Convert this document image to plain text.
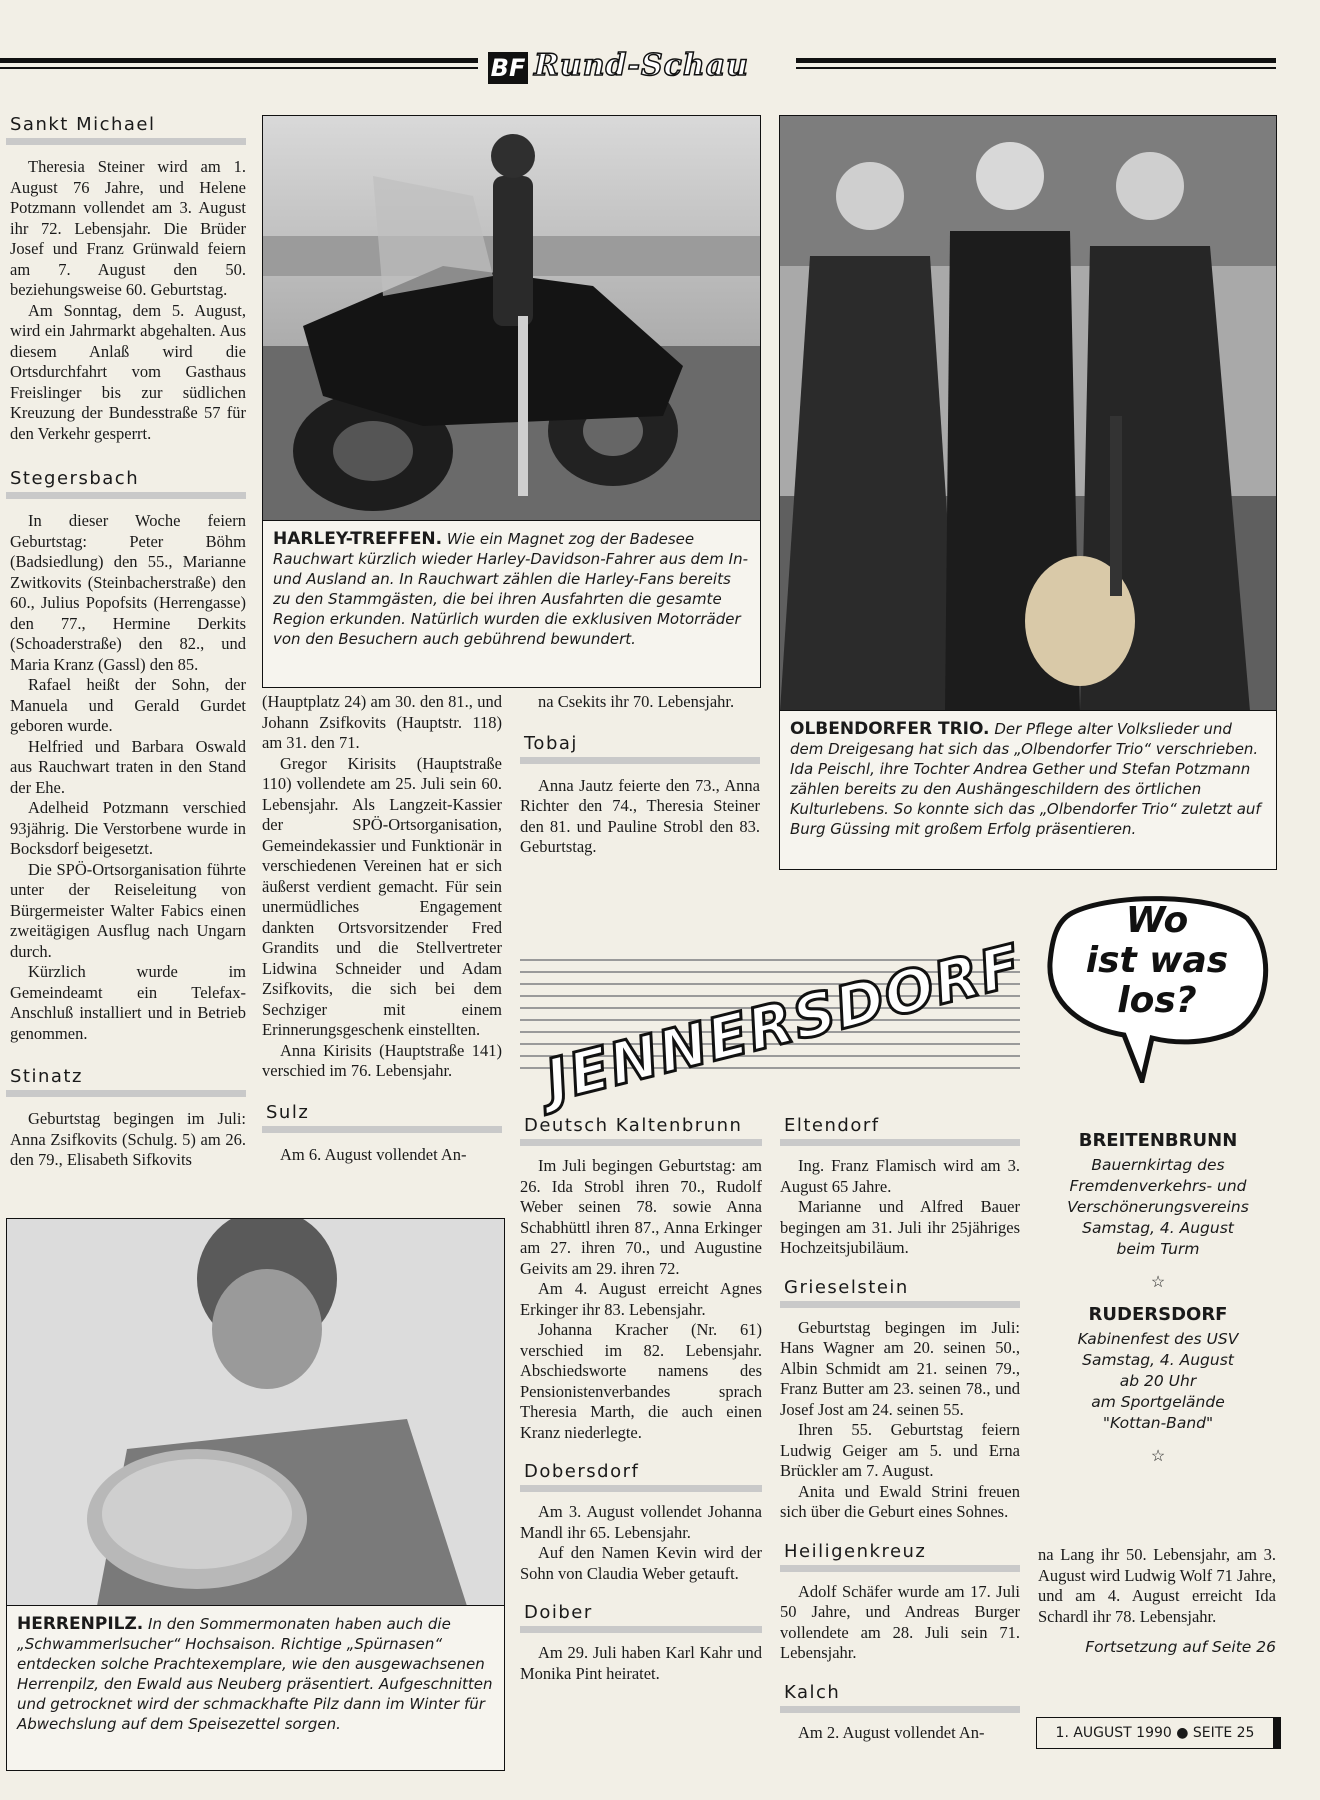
BF Rund-Schau
Sankt Michael

Theresia Steiner wird am 1. August 76 Jahre, und Helene Potzmann vollendet am 3. August ihr 72. Lebensjahr. Die Brüder Josef und Franz Grünwald feiern am 7. August den 50. beziehungsweise 60. Geburtstag.

Am Sonntag, dem 5. August, wird ein Jahrmarkt abgehalten. Aus diesem Anlaß wird die Ortsdurchfahrt vom Gasthaus Freislinger bis zur südlichen Kreuzung der Bundesstraße 57 für den Verkehr gesperrt.

Stegersbach

In dieser Woche feiern Geburtstag: Peter Böhm (Badsiedlung) den 55., Marianne Zwitkovits (Steinbacherstraße) den 60., Julius Popofsits (Herrengasse) den 77., Hermine Derkits (Schoaderstraße) den 82., und Maria Kranz (Gassl) den 85.

Rafael heißt der Sohn, der Manuela und Gerald Gurdet geboren wurde.

Helfried und Barbara Oswald aus Rauchwart traten in den Stand der Ehe.

Adelheid Potzmann verschied 93jährig. Die Verstorbene wurde in Bocksdorf beigesetzt.

Die SPÖ-Ortsorganisation führte unter der Reiseleitung von Bürgermeister Walter Fabics einen zweitägigen Ausflug nach Ungarn durch.

Kürzlich wurde im Gemeindeamt ein Telefax-Anschluß installiert und in Betrieb genommen.

Stinatz

Geburtstag begingen im Juli: Anna Zsifkovits (Schulg. 5) am 26. den 79., Elisabeth Sifkovits

HARLEY-TREFFEN. Wie ein Magnet zog der Badesee Rauchwart kürzlich wieder Harley-Davidson-Fahrer aus dem In- und Ausland an. In Rauchwart zählen die Harley-Fans bereits zu den Stammgästen, die bei ihren Ausfahrten die gesamte Region erkunden. Natürlich wurden die exklusiven Motorräder von den Besuchern auch gebührend bewundert.

(Hauptplatz 24) am 30. den 81., und Johann Zsifkovits (Hauptstr. 118) am 31. den 71.

Gregor Kirisits (Hauptstraße 110) vollendete am 25. Juli sein 60. Lebensjahr. Als Langzeit-Kassier der SPÖ-Ortsorganisation, Gemeindekassier und Funktionär in verschiedenen Vereinen hat er sich äußerst verdient gemacht. Für sein unermüdliches Engagement dankten Ortsvorsitzender Fred Grandits und die Stellvertreter Lidwina Schneider und Adam Zsifkovits, die sich bei dem Sechziger mit einem Erinnerungsgeschenk einstellten.

Anna Kirisits (Hauptstraße 141) verschied im 76. Lebensjahr.

Sulz

Am 6. August vollendet An-

na Csekits ihr 70. Lebensjahr.

Tobaj

Anna Jautz feierte den 73., Anna Richter den 74., Theresia Steiner den 81. und Pauline Strobl den 83. Geburtstag.

OLBENDORFER TRIO. Der Pflege alter Volkslieder und dem Dreigesang hat sich das „Olbendorfer Trio“ verschrieben. Ida Peischl, ihre Tochter Andrea Gether und Stefan Potzmann zählen bereits zu den Aushängeschildern des örtlichen Kulturlebens. So konnte sich das „Olbendorfer Trio“ zuletzt auf Burg Güssing mit großem Erfolg präsentieren.
JENNERSDORF
Wo
ist was
los?
BREITENBRUNN
Bauernkirtag des
Fremdenverkehrs- und
Verschönerungsvereins
Samstag, 4. August
beim Turm
☆
RUDERSDORF
Kabinenfest des USV
Samstag, 4. August
ab 20 Uhr
am Sportgelände
"Kottan-Band"
☆
Deutsch Kaltenbrunn

Im Juli begingen Geburtstag: am 26. Ida Strobl ihren 70., Rudolf Weber seinen 78. sowie Anna Schabhüttl ihren 87., Anna Erkinger am 27. ihren 70., und Augustine Geivits am 29. ihren 72.

Am 4. August erreicht Agnes Erkinger ihr 83. Lebensjahr.

Johanna Kracher (Nr. 61) verschied im 82. Lebensjahr. Abschiedsworte namens des Pensionistenverbandes sprach Theresia Marth, die auch einen Kranz niederlegte.

Dobersdorf

Am 3. August vollendet Johanna Mandl ihr 65. Lebensjahr.

Auf den Namen Kevin wird der Sohn von Claudia Weber getauft.

Doiber

Am 29. Juli haben Karl Kahr und Monika Pint heiratet.

Eltendorf

Ing. Franz Flamisch wird am 3. August 65 Jahre.

Marianne und Alfred Bauer begingen am 31. Juli ihr 25jähriges Hochzeitsjubiläum.

Grieselstein

Geburtstag begingen im Juli: Hans Wagner am 20. seinen 50., Albin Schmidt am 21. seinen 79., Franz Butter am 23. seinen 78., und Josef Jost am 24. seinen 55.

Ihren 55. Geburtstag feiern Ludwig Geiger am 5. und Erna Brückler am 7. August.

Anita und Ewald Strini freuen sich über die Geburt eines Sohnes.

Heiligenkreuz

Adolf Schäfer wurde am 17. Juli 50 Jahre, und Andreas Burger vollendete am 28. Juli sein 71. Lebensjahr.

Kalch

Am 2. August vollendet An-

na Lang ihr 50. Lebensjahr, am 3. August wird Ludwig Wolf 71 Jahre, und am 4. August erreicht Ida Schardl ihr 78. Lebensjahr.

Fortsetzung auf Seite 26
HERRENPILZ. In den Sommermonaten haben auch die „Schwammerlsucher“ Hochsaison. Richtige „Spürnasen“ entdecken solche Prachtexemplare, wie den ausgewachsenen Herrenpilz, den Ewald aus Neuberg präsentiert. Aufgeschnitten und getrocknet wird der schmackhafte Pilz dann im Winter für Abwechslung auf dem Speisezettel sorgen.	1. AUGUST 1990 ● SEITE 25
